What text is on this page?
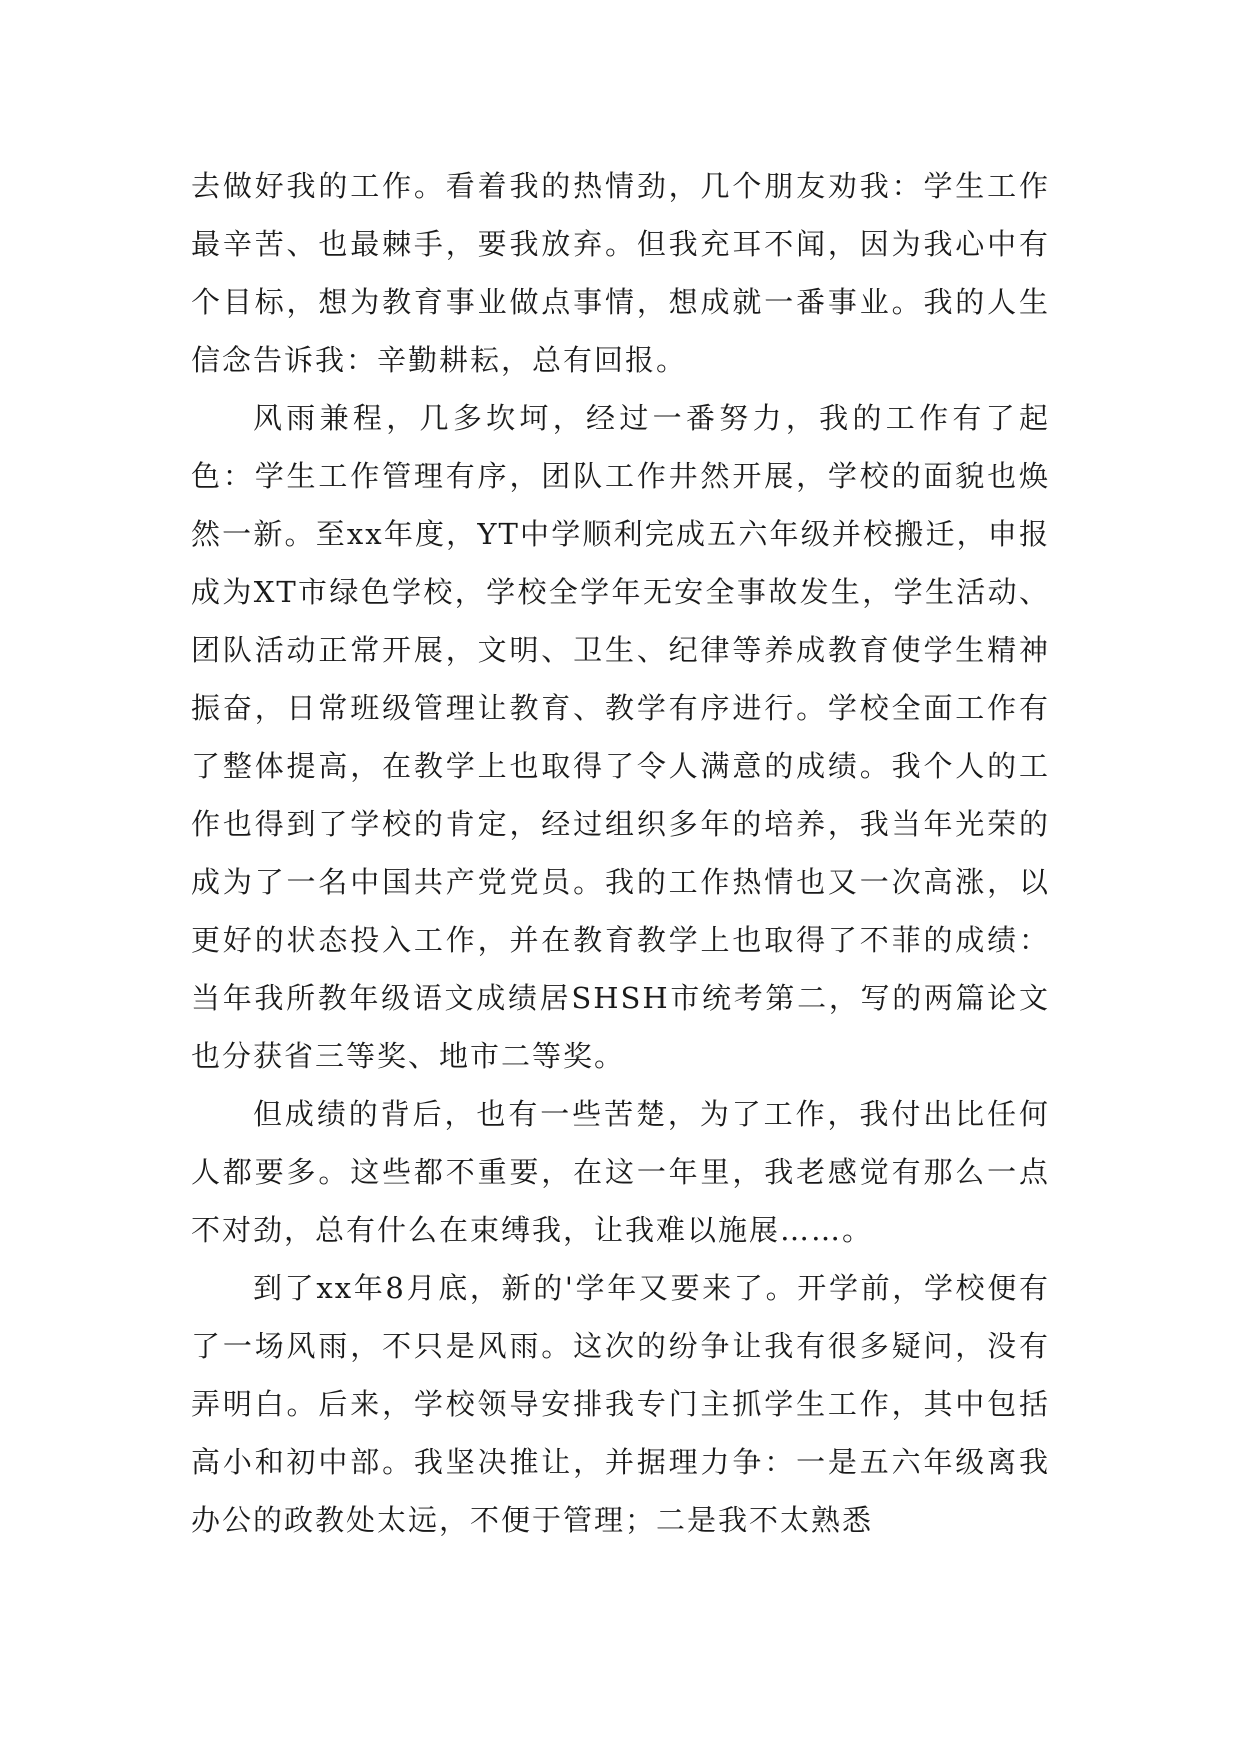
去做好我的工作。看着我的热情劲，几个朋友劝我：学生工作最辛苦、也最棘手，要我放弃。但我充耳不闻，因为我心中有个目标，想为教育事业做点事情，想成就一番事业。我的人生信念告诉我：辛勤耕耘，总有回报。

风雨兼程，几多坎坷，经过一番努力，我的工作有了起色：学生工作管理有序，团队工作井然开展，学校的面貌也焕然一新。至xx年度，YT中学顺利完成五六年级并校搬迁，申报成为XT市绿色学校，学校全学年无安全事故发生，学生活动、团队活动正常开展，文明、卫生、纪律等养成教育使学生精神振奋，日常班级管理让教育、教学有序进行。学校全面工作有了整体提高，在教学上也取得了令人满意的成绩。我个人的工作也得到了学校的肯定，经过组织多年的培养，我当年光荣的成为了一名中国共产党党员。我的工作热情也又一次高涨，以更好的状态投入工作，并在教育教学上也取得了不菲的成绩：当年我所教年级语文成绩居SHSH市统考第二，写的两篇论文也分获省三等奖、地市二等奖。

但成绩的背后，也有一些苦楚，为了工作，我付出比任何人都要多。这些都不重要，在这一年里，我老感觉有那么一点不对劲，总有什么在束缚我，让我难以施展……。

到了xx年8月底，新的'学年又要来了。开学前，学校便有了一场风雨，不只是风雨。这次的纷争让我有很多疑问，没有弄明白。后来，学校领导安排我专门主抓学生工作，其中包括高小和初中部。我坚决推让，并据理力争：一是五六年级离我办公的政教处太远，不便于管理；二是我不太熟悉
